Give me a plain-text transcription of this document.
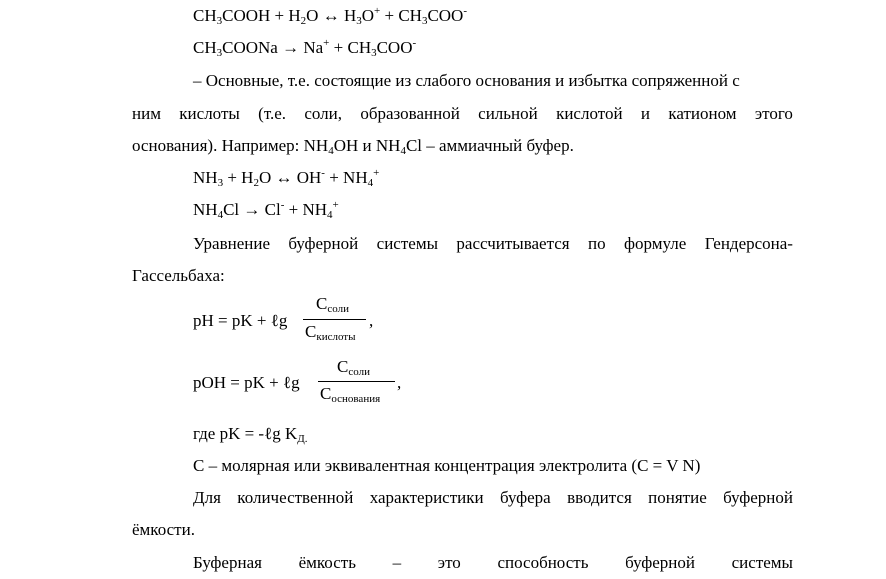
$CH_3COOH + H_2O$ ↔ $H_3O^+ + CH_3COO^-$
$CH_3COONa \to Na^+ + CH_3COO^-$
– Основные, т.е. состоящие из слабого основания и избытка сопряженной с
ним кислоты (т.е. соли, образованной сильной кислотой и катионом этого
основания). Например: $NH_4OH$ и $NH_4Cl$ – аммиачный буфер.
$NH_3 + H_2O$ ↔ $OH^- + NH_4^+$
$NH_4Cl \to Cl^- + NH_4^+$
Уравнение буферной системы рассчитывается по формуле Гендерсона-
Гассельбаха:
pH = pK + ℓg
$C_{соли}$
$C_{кислоты}$
,
pOH = pK + ℓg
$C_{соли}$
$C_{основания}$
,
где pK = -ℓg $K_{Д.}$
С – молярная или эквивалентная концентрация электролита (C = V N)
Для количественной характеристики буфера вводится понятие буферной
ёмкости.
Буферная ёмкость – это способность буферной системы
